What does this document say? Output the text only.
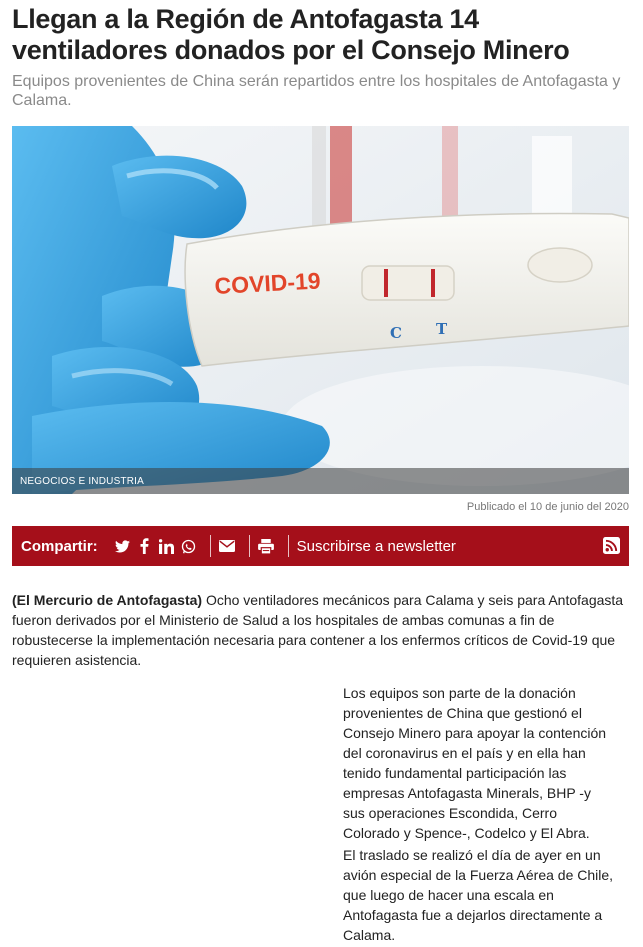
Llegan a la Región de Antofagasta 14 ventiladores donados por el Consejo Minero

Equipos provenientes de China serán repartidos entre los hospitales de Antofagasta y Calama.

COVID-19
C T
NEGOCIOS E INDUSTRIA
Publicado el 10 de junio del 2020
Compartir:	Suscribirse a newsletter

(El Mercurio de Antofagasta) Ocho ventiladores mecánicos para Calama y seis para Antofagasta fueron derivados por el Ministerio de Salud a los hospitales de ambas comunas a fin de robustecerse la implementación necesaria para contener a los enfermos críticos de Covid-19 que requieren asistencia.

Los equipos son parte de la donación provenientes de China que gestionó el Consejo Minero para apoyar la contención del coronavirus en el país y en ella han tenido fundamental participación las empresas Antofagasta Minerals, BHP -y sus operaciones Escondida, Cerro Colorado y Spence-, Codelco y El Abra.

El traslado se realizó el día de ayer en un avión especial de la Fuerza Aérea de Chile, que luego de hacer una escala en Antofagasta fue a dejarlos directamente a Calama.
